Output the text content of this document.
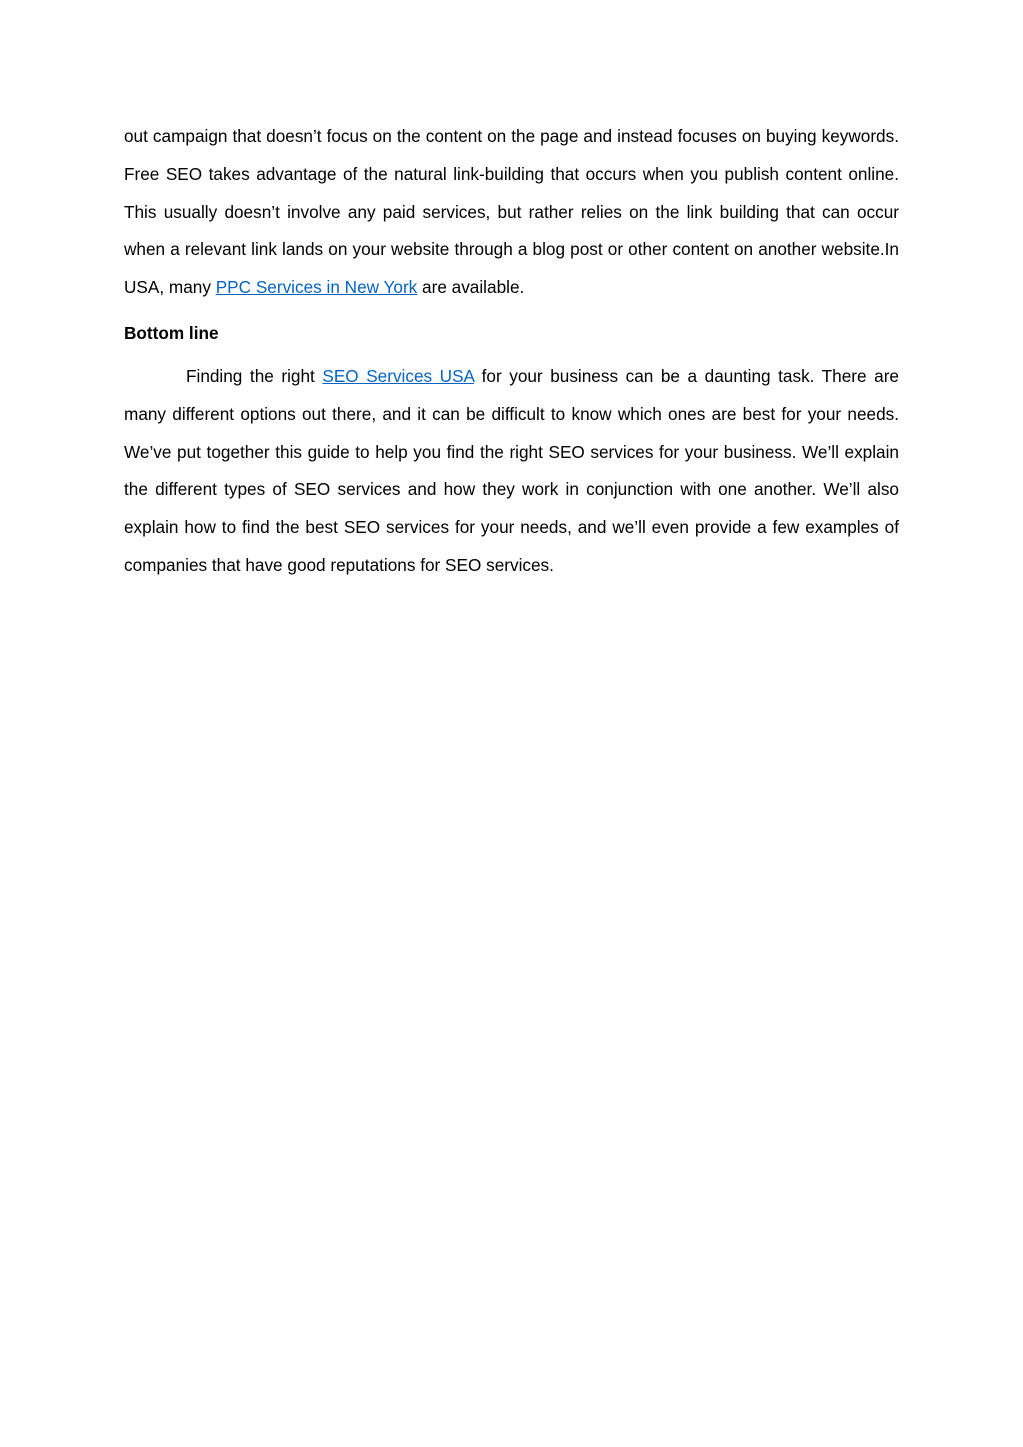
out campaign that doesn’t focus on the content on the page and instead focuses on buying keywords. Free SEO takes advantage of the natural link-building that occurs when you publish content online. This usually doesn’t involve any paid services, but rather relies on the link building that can occur when a relevant link lands on your website through a blog post or other content on another website.In USA, many PPC Services in New York are available.

Bottom line

Finding the right SEO Services USA for your business can be a daunting task. There are many different options out there, and it can be difficult to know which ones are best for your needs. We’ve put together this guide to help you find the right SEO services for your business. We’ll explain the different types of SEO services and how they work in conjunction with one another. We’ll also explain how to find the best SEO services for your needs, and we’ll even provide a few examples of companies that have good reputations for SEO services.
